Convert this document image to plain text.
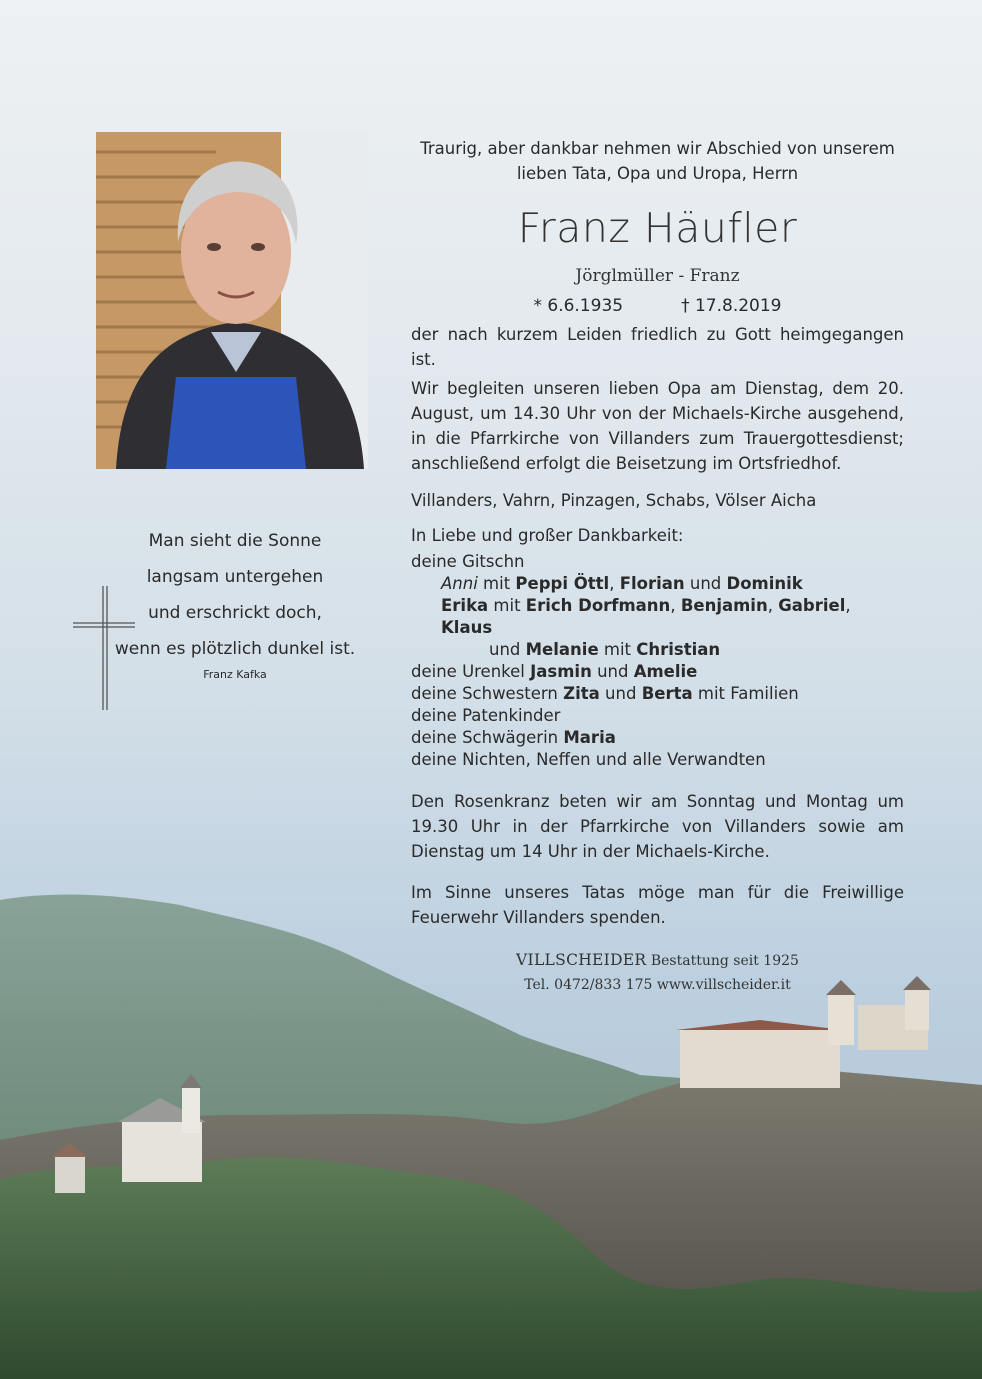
Man sieht die Sonne
langsam untergehen
und erschrickt doch,
wenn es plötzlich dunkel ist.
Franz Kafka
Traurig, aber dankbar nehmen wir Abschied von unserem
lieben Tata, Opa und Uropa, Herrn
Franz Häufler
Jörglmüller - Franz
* 6.6.1935	† 17.8.2019
der nach kurzem Leiden friedlich zu Gott heimgegangen ist.
Wir begleiten unseren lieben Opa am Dienstag, dem 20. August, um 14.30 Uhr von der Michaels-Kirche ausgehend, in die Pfarrkirche von Villanders zum Trauergottesdienst; anschließend erfolgt die Beisetzung im Ortsfriedhof.
Villanders, Vahrn, Pinzagen, Schabs, Völser Aicha
In Liebe und großer Dankbarkeit:
deine Gitschn
Anni mit Peppi Öttl, Florian und Dominik
Erika mit Erich Dorfmann, Benjamin, Gabriel, Klaus
und Melanie mit Christian
deine Urenkel Jasmin und Amelie
deine Schwestern Zita und Berta mit Familien
deine Patenkinder
deine Schwägerin Maria
deine Nichten, Neffen und alle Verwandten
Den Rosenkranz beten wir am Sonntag und Montag um 19.30 Uhr in der Pfarrkirche von Villanders sowie am Dienstag um 14 Uhr in der Michaels-Kirche.
Im Sinne unseres Tatas möge man für die Freiwillige Feuerwehr Villanders spenden.
VILLSCHEIDER Bestattung seit 1925
Tel. 0472/833 175 www.villscheider.it
